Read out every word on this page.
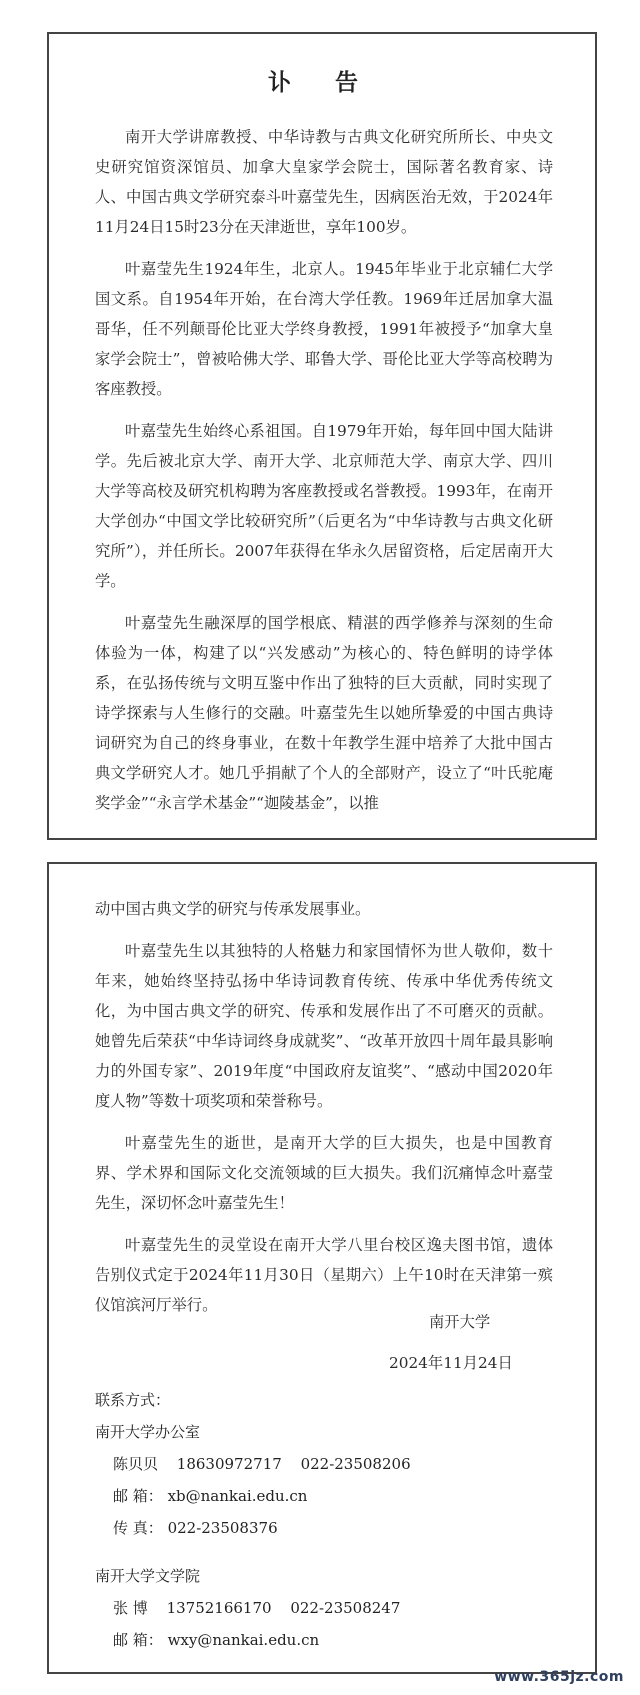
讣 告

南开大学讲席教授、中华诗教与古典文化研究所所长、中央文史研究馆资深馆员、加拿大皇家学会院士，国际著名教育家、诗人、中国古典文学研究泰斗叶嘉莹先生，因病医治无效，于2024年11月24日15时23分在天津逝世，享年100岁。

叶嘉莹先生1924年生，北京人。1945年毕业于北京辅仁大学国文系。自1954年开始，在台湾大学任教。1969年迁居加拿大温哥华，任不列颠哥伦比亚大学终身教授，1991年被授予“加拿大皇家学会院士”，曾被哈佛大学、耶鲁大学、哥伦比亚大学等高校聘为客座教授。

叶嘉莹先生始终心系祖国。自1979年开始，每年回中国大陆讲学。先后被北京大学、南开大学、北京师范大学、南京大学、四川大学等高校及研究机构聘为客座教授或名誉教授。1993年，在南开大学创办“中国文学比较研究所”（后更名为“中华诗教与古典文化研究所”），并任所长。2007年获得在华永久居留资格，后定居南开大学。

叶嘉莹先生融深厚的国学根底、精湛的西学修养与深刻的生命体验为一体，构建了以“兴发感动”为核心的、特色鲜明的诗学体系，在弘扬传统与文明互鉴中作出了独特的巨大贡献，同时实现了诗学探索与人生修行的交融。叶嘉莹先生以她所挚爱的中国古典诗词研究为自己的终身事业，在数十年教学生涯中培养了大批中国古典文学研究人才。她几乎捐献了个人的全部财产，设立了“叶氏驼庵奖学金”“永言学术基金”“迦陵基金”，以推

动中国古典文学的研究与传承发展事业。

叶嘉莹先生以其独特的人格魅力和家国情怀为世人敬仰，数十年来，她始终坚持弘扬中华诗词教育传统、传承中华优秀传统文化，为中国古典文学的研究、传承和发展作出了不可磨灭的贡献。她曾先后荣获“中华诗词终身成就奖”、“改革开放四十周年最具影响力的外国专家”、2019年度“中国政府友谊奖”、“感动中国2020年度人物”等数十项奖项和荣誉称号。

叶嘉莹先生的逝世，是南开大学的巨大损失，也是中国教育界、学术界和国际文化交流领域的巨大损失。我们沉痛悼念叶嘉莹先生，深切怀念叶嘉莹先生！

叶嘉莹先生的灵堂设在南开大学八里台校区逸夫图书馆，遗体告别仪式定于2024年11月30日（星期六）上午10时在天津第一殡仪馆滨河厅举行。

南开大学
2024年11月24日
联系方式：
南开大学办公室
陈贝贝 18630972717 022-23508206
邮 箱： xb@nankai.edu.cn
传 真： 022-23508376
南开大学文学院
张 博 13752166170 022-23508247
邮 箱： wxy@nankai.edu.cn
www.365jz.com
